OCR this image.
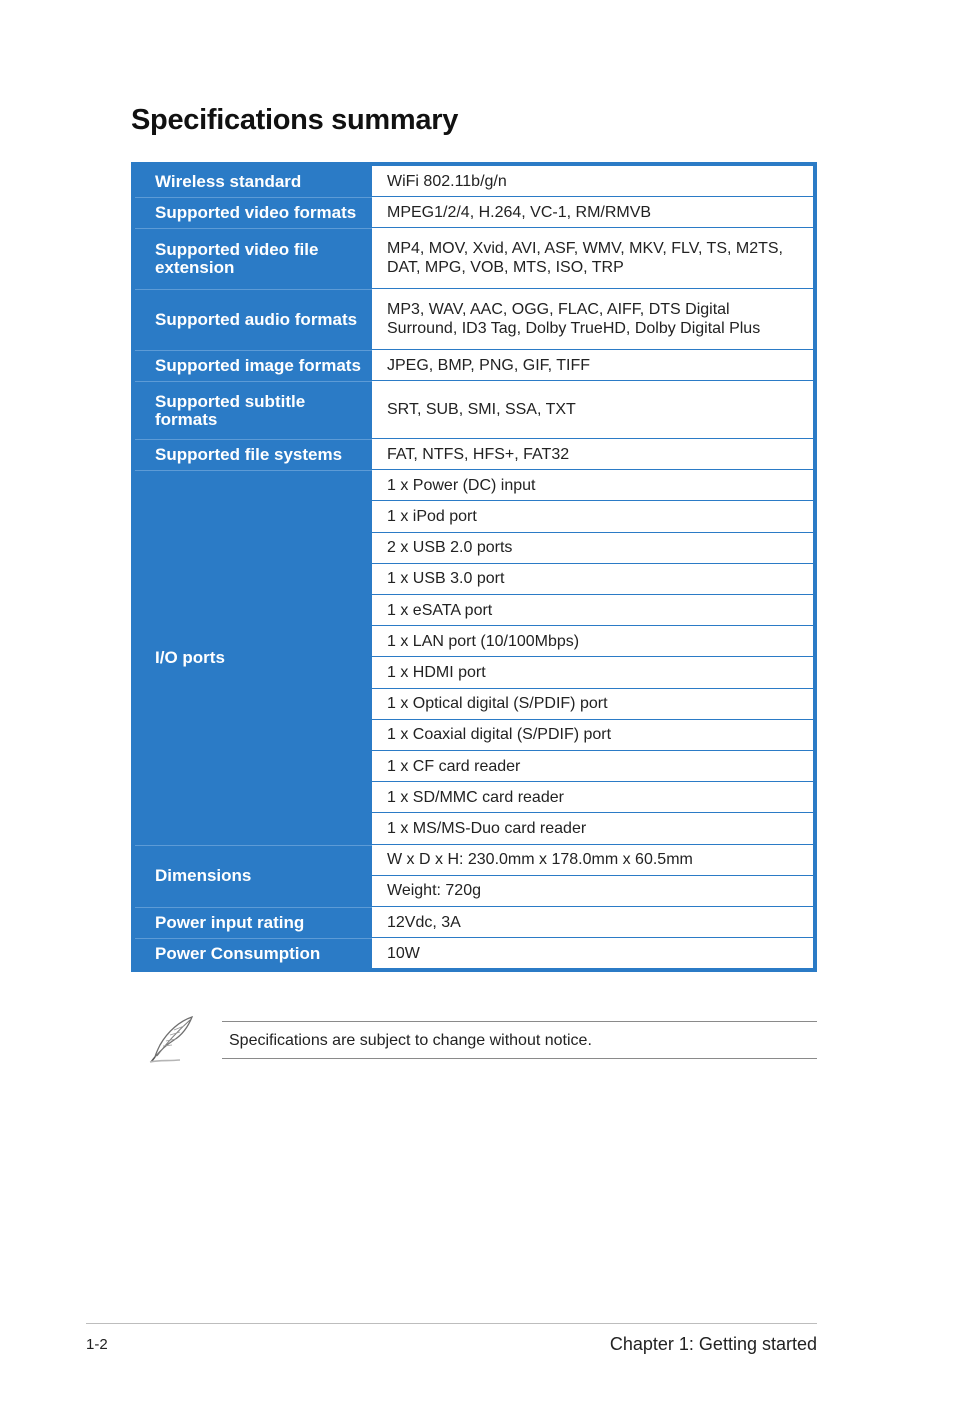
Specifications summary
Wireless standard	WiFi 802.11b/g/n
Supported video formats	MPEG1/2/4, H.264, VC-1, RM/RMVB
Supported video file extension	MP4, MOV, Xvid, AVI, ASF, WMV, MKV, FLV, TS, M2TS, DAT, MPG, VOB, MTS, ISO, TRP
Supported audio formats	MP3, WAV, AAC, OGG, FLAC, AIFF, DTS Digital Surround, ID3 Tag, Dolby TrueHD, Dolby Digital Plus
Supported image formats	JPEG, BMP, PNG, GIF, TIFF
Supported subtitle formats	SRT, SUB, SMI, SSA, TXT
Supported file systems	FAT, NTFS, HFS+, FAT32
I/O ports	1 x Power (DC) input
	1 x iPod port
	2 x USB 2.0 ports
	1 x USB 3.0 port
	1 x eSATA port
	1 x LAN port (10/100Mbps)
	1 x HDMI port
	1 x Optical digital (S/PDIF) port
	1 x Coaxial digital (S/PDIF) port
	1 x CF card reader
	1 x SD/MMC card reader
	1 x MS/MS-Duo card reader
Dimensions	W x D x H: 230.0mm x 178.0mm x 60.5mm
	Weight: 720g
Power input rating	12Vdc, 3A
Power Consumption	10W
Specifications are subject to change without notice.
1-2	Chapter 1: Getting started
